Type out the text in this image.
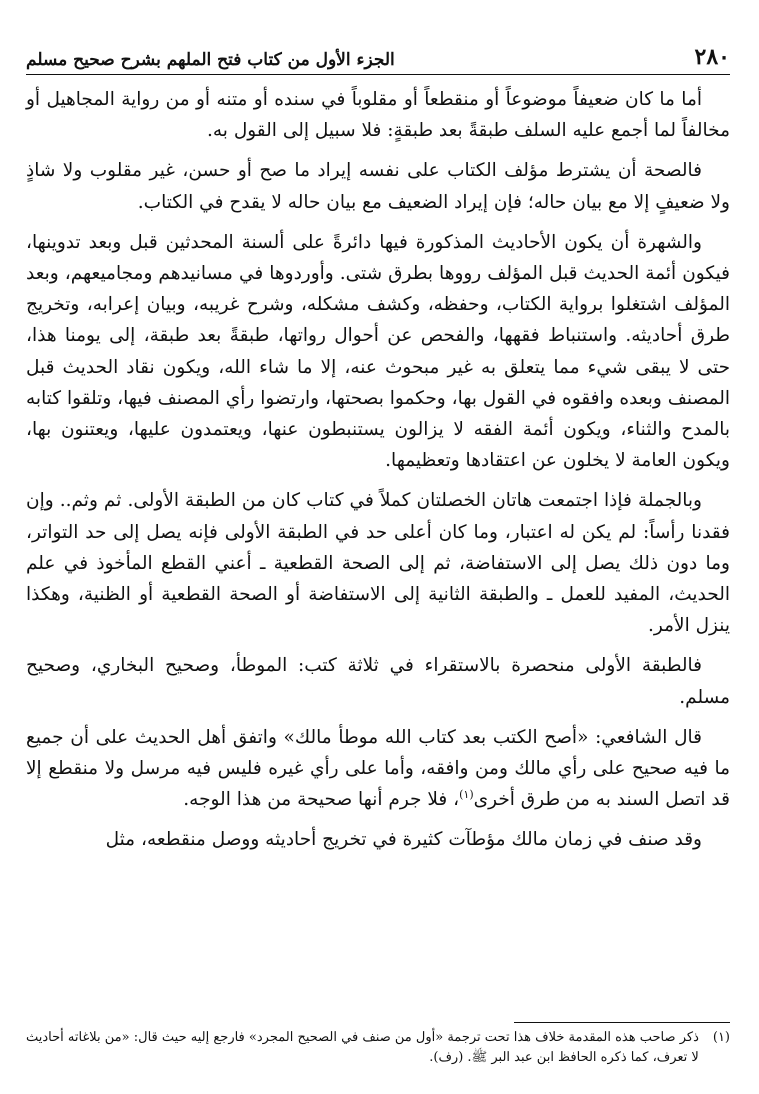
٢٨٠
الجزء الأول من كتاب فتح الملهم بشرح صحيح مسلم

أما ما كان ضعيفاً موضوعاً أو منقطعاً أو مقلوباً في سنده أو متنه أو من رواية المجاهيل أو مخالفاً لما أجمع عليه السلف طبقةً بعد طبقةٍ: فلا سبيل إلى القول به.

فالصحة أن يشترط مؤلف الكتاب على نفسه إيراد ما صح أو حسن، غير مقلوب ولا شاذٍ ولا ضعيفٍ إلا مع بيان حاله؛ فإن إيراد الضعيف مع بيان حاله لا يقدح في الكتاب.

والشهرة أن يكون الأحاديث المذكورة فيها دائرةً على ألسنة المحدثين قبل وبعد تدوينها، فيكون أئمة الحديث قبل المؤلف رووها بطرق شتى. وأوردوها في مسانيدهم ومجاميعهم، وبعد المؤلف اشتغلوا برواية الكتاب، وحفظه، وكشف مشكله، وشرح غريبه، وبيان إعرابه، وتخريج طرق أحاديثه. واستنباط فقهها، والفحص عن أحوال رواتها، طبقةً بعد طبقة، إلى يومنا هذا، حتى لا يبقى شيء مما يتعلق به غير مبحوث عنه، إلا ما شاء الله، ويكون نقاد الحديث قبل المصنف وبعده وافقوه في القول بها، وحكموا بصحتها، وارتضوا رأي المصنف فيها، وتلقوا كتابه بالمدح والثناء، ويكون أئمة الفقه لا يزالون يستنبطون عنها، ويعتمدون عليها، ويعتنون بها، ويكون العامة لا يخلون عن اعتقادها وتعظيمها.

وبالجملة فإذا اجتمعت هاتان الخصلتان كملاً في كتاب كان من الطبقة الأولى. ثم وثم.. وإن فقدنا رأساً: لم يكن له اعتبار، وما كان أعلى حد في الطبقة الأولى فإنه يصل إلى حد التواتر، وما دون ذلك يصل إلى الاستفاضة، ثم إلى الصحة القطعية ـ أعني القطع المأخوذ في علم الحديث، المفيد للعمل ـ والطبقة الثانية إلى الاستفاضة أو الصحة القطعية أو الظنية، وهكذا ينزل الأمر.

فالطبقة الأولى منحصرة بالاستقراء في ثلاثة كتب: الموطأ، وصحيح البخاري، وصحيح مسلم.

قال الشافعي: «أصح الكتب بعد كتاب الله موطأ مالك» واتفق أهل الحديث على أن جميع ما فيه صحيح على رأي مالك ومن وافقه، وأما على رأي غيره فليس فيه مرسل ولا منقطع إلا قد اتصل السند به من طرق أخرى$^{(١)}$، فلا جرم أنها صحيحة من هذا الوجه.

وقد صنف في زمان مالك مؤطآت كثيرة في تخريج أحاديثه ووصل منقطعه، مثل

(١)
ذكر صاحب هذه المقدمة خلاف هذا تحت ترجمة «أول من صنف في الصحيح المجرد» فارجع إليه حيث قال: «من بلاغاته أحاديث لا تعرف، كما ذكره الحافظ ابن عبد البر ﷺ. (رف).
